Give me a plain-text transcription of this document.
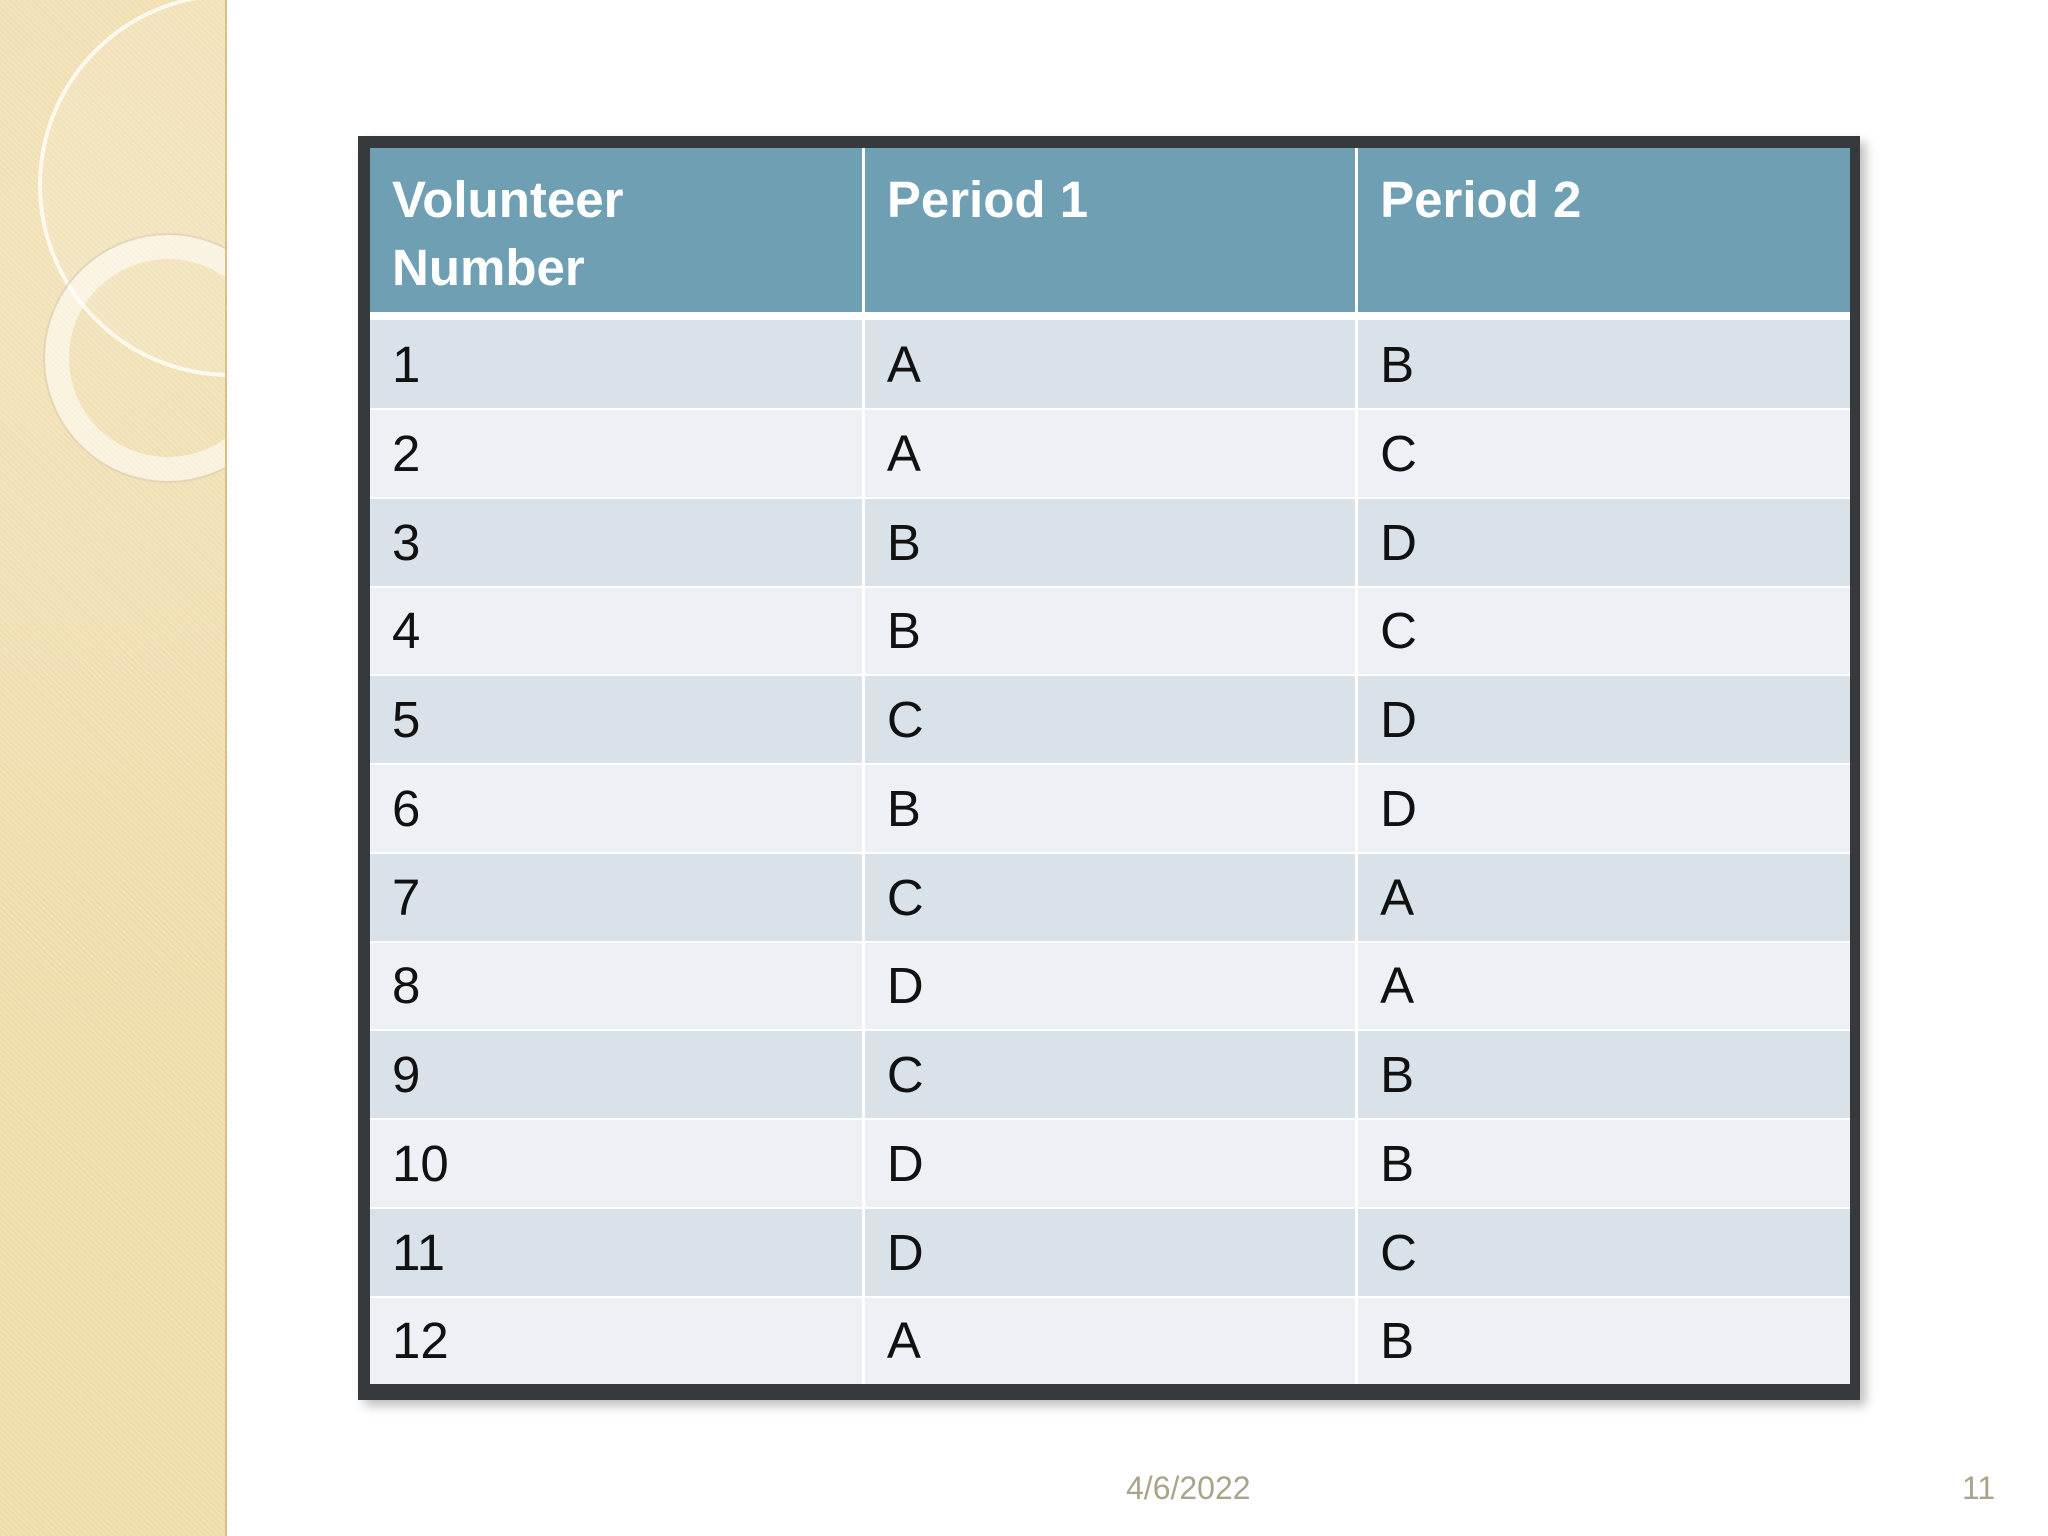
Volunteer
Number	Period 1	Period 2
1	A	B
2	A	C
3	B	D
4	B	C
5	C	D
6	B	D
7	C	A
8	D	A
9	C	B
10	D	B
11	D	C
12	A	B
4/6/2022	11
